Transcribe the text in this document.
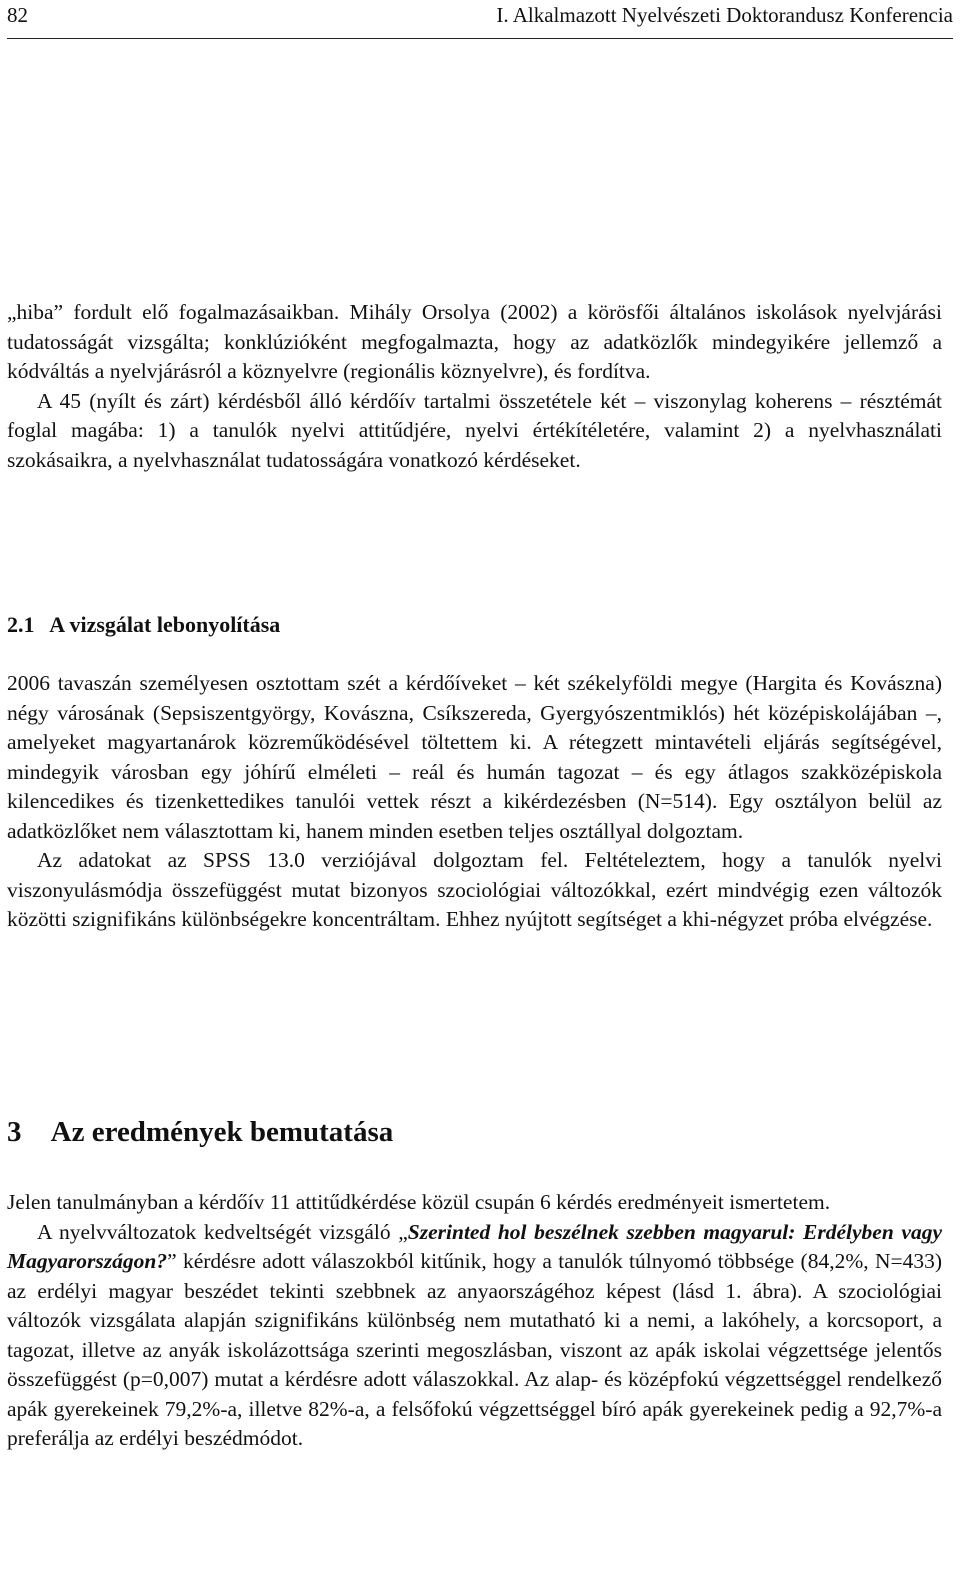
82	I. Alkalmazott Nyelvészeti Doktorandusz Konferencia

„hiba” fordult elő fogalmazásaikban. Mihály Orsolya (2002) a körösfői általános iskolások nyelvjárási tudatosságát vizsgálta; konklúzióként megfogalmazta, hogy az adatközlők mindegyikére jellemző a kódváltás a nyelvjárásról a köznyelvre (regionális köznyelvre), és fordítva.

A 45 (nyílt és zárt) kérdésből álló kérdőív tartalmi összetétele két – viszonylag koherens – résztémát foglal magába: 1) a tanulók nyelvi attitűdjére, nyelvi értékítéletére, valamint 2) a nyelvhasználati szokásaikra, a nyelvhasználat tudatosságára vonatkozó kérdéseket.

2.1 A vizsgálat lebonyolítása

2006 tavaszán személyesen osztottam szét a kérdőíveket – két székelyföldi megye (Hargita és Kovászna) négy városának (Sepsiszentgyörgy, Kovászna, Csíkszereda, Gyergyószentmiklós) hét középiskolájában –, amelyeket magyartanárok közreműködésével töltettem ki. A rétegzett mintavételi eljárás segítségével, mindegyik városban egy jóhírű elméleti – reál és humán tagozat – és egy átlagos szakközépiskola kilencedikes és tizenkettedikes tanulói vettek részt a kikérdezésben (N=514). Egy osztályon belül az adatközlőket nem választottam ki, hanem minden esetben teljes osztállyal dolgoztam.

Az adatokat az SPSS 13.0 verziójával dolgoztam fel. Feltételeztem, hogy a tanulók nyelvi viszonyulásmódja összefüggést mutat bizonyos szociológiai változókkal, ezért mindvégig ezen változók közötti szignifikáns különbségekre koncentráltam. Ehhez nyújtott segítséget a khi-négyzet próba elvégzése.

3 Az eredmények bemutatása

Jelen tanulmányban a kérdőív 11 attitűdkérdése közül csupán 6 kérdés eredményeit ismertetem.

A nyelvváltozatok kedveltségét vizsgáló „Szerinted hol beszélnek szebben magyarul: Erdélyben vagy Magyarországon?” kérdésre adott válaszokból kitűnik, hogy a tanulók túlnyomó többsége (84,2%, N=433) az erdélyi magyar beszédet tekinti szebbnek az anyaországéhoz képest (lásd 1. ábra). A szociológiai változók vizsgálata alapján szignifikáns különbség nem mutatható ki a nemi, a lakóhely, a korcsoport, a tagozat, illetve az anyák iskolázottsága szerinti megoszlásban, viszont az apák iskolai végzettsége jelentős összefüggést (p=0,007) mutat a kérdésre adott válaszokkal. Az alap- és középfokú végzettséggel rendelkező apák gyerekeinek 79,2%-a, illetve 82%-a, a felsőfokú végzettséggel bíró apák gyerekeinek pedig a 92,7%-a preferálja az erdélyi beszédmódot.
